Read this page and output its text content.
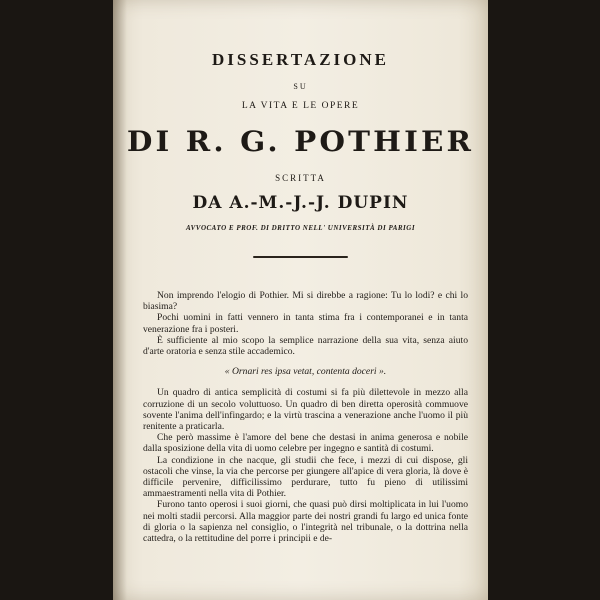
DISSERTAZIONE
SU
LA VITA E LE OPERE
DI R. G. POTHIER
SCRITTA
DA A.-M.-J.-J. DUPIN
AVVOCATO E PROF. DI DRITTO NELL' UNIVERSITÀ DI PARIGI

Non imprendo l'elogio di Pothier. Mi si direbbe a ragione: Tu lo lodi? e chi lo biasima?

Pochi uomini in fatti vennero in tanta stima fra i contemporanei e in tanta venerazione fra i posteri.

È sufficiente al mio scopo la semplice narrazione della sua vita, senza aiuto d'arte oratoria e senza stile accademico.

« Ornari res ipsa vetat, contenta doceri ».

Un quadro di antica semplicità di costumi si fa più dilettevole in mezzo alla corruzione di un secolo voluttuoso. Un quadro di ben diretta operosità commuove sovente l'anima dell'infingardo; e la virtù trascina a venerazione anche l'uomo il più renitente a praticarla.

Che però massime è l'amore del bene che destasi in anima generosa e nobile dalla sposizione della vita di uomo celebre per ingegno e santità di costumi.

La condizione in che nacque, gli studii che fece, i mezzi di cui dispose, gli ostacoli che vinse, la via che percorse per giungere all'apice di vera gloria, là dove è difficile pervenire, difficilissimo perdurare, tutto fu pieno di utilissimi ammaestramenti nella vita di Pothier.

Furono tanto operosi i suoi giorni, che quasi può dirsi moltiplicata in lui l'uomo nei molti stadii percorsi. Alla maggior parte dei nostri grandi fu largo ed unica fonte di gloria o la sapienza nel consiglio, o l'integrità nel tribunale, o la dottrina nella cattedra, o la rettitudine del porre i principii e de-
